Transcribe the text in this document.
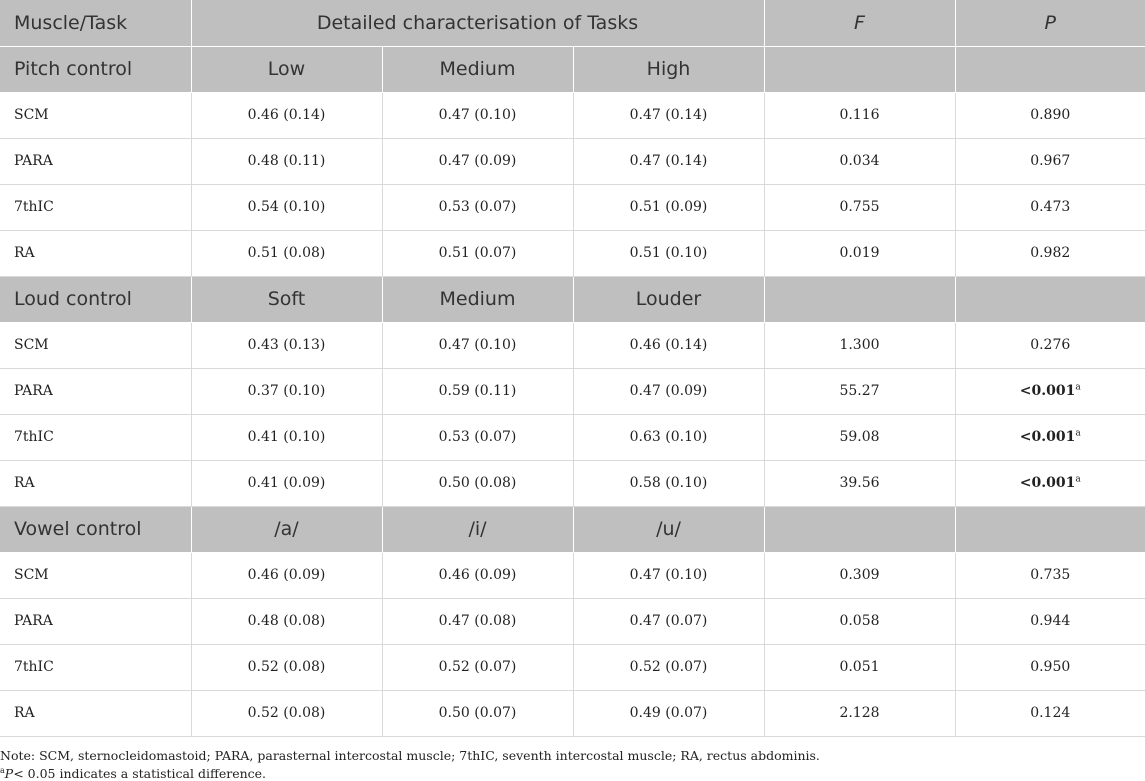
Muscle/Task	Detailed characterisation of Tasks			F	P
Pitch control	Low	Medium	High		
SCM	0.46 (0.14)	0.47 (0.10)	0.47 (0.14)	0.116	0.890
PARA	0.48 (0.11)	0.47 (0.09)	0.47 (0.14)	0.034	0.967
7thIC	0.54 (0.10)	0.53 (0.07)	0.51 (0.09)	0.755	0.473
RA	0.51 (0.08)	0.51 (0.07)	0.51 (0.10)	0.019	0.982
Loud control	Soft	Medium	Louder		
SCM	0.43 (0.13)	0.47 (0.10)	0.46 (0.14)	1.300	0.276
PARA	0.37 (0.10)	0.59 (0.11)	0.47 (0.09)	55.27	<0.001$^a$
7thIC	0.41 (0.10)	0.53 (0.07)	0.63 (0.10)	59.08	<0.001$^a$
RA	0.41 (0.09)	0.50 (0.08)	0.58 (0.10)	39.56	<0.001$^a$
Vowel control	/a/	/i/	/u/		
SCM	0.46 (0.09)	0.46 (0.09)	0.47 (0.10)	0.309	0.735
PARA	0.48 (0.08)	0.47 (0.08)	0.47 (0.07)	0.058	0.944
7thIC	0.52 (0.08)	0.52 (0.07)	0.52 (0.07)	0.051	0.950
RA	0.52 (0.08)	0.50 (0.07)	0.49 (0.07)	2.128	0.124
Note: SCM, sternocleidomastoid; PARA, parasternal intercostal muscle; 7thIC, seventh intercostal muscle; RA, rectus abdominis.
$^a$P< 0.05 indicates a statistical difference.
